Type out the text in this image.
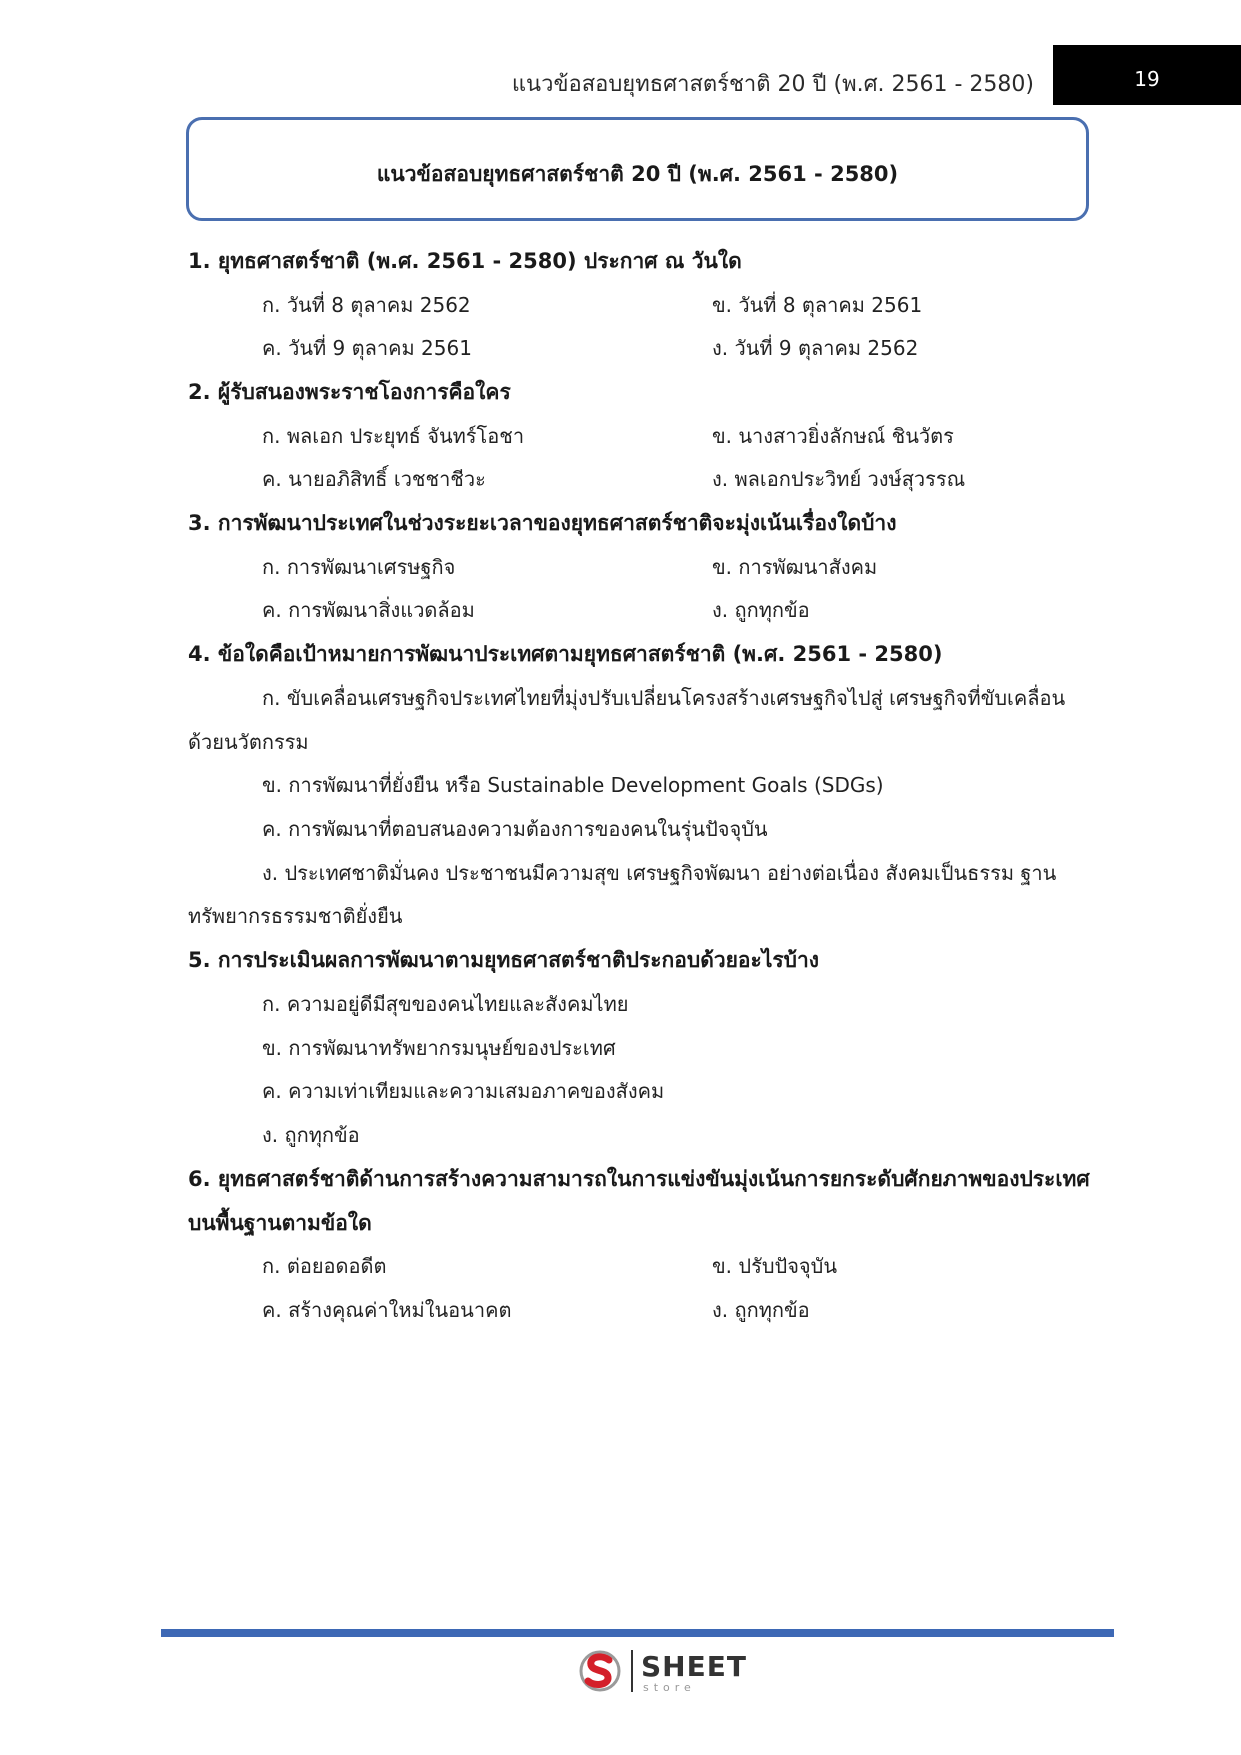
แนวข้อสอบยุทธศาสตร์ชาติ 20 ปี (พ.ศ. 2561 - 2580)	19
แนวข้อสอบยุทธศาสตร์ชาติ 20 ปี (พ.ศ. 2561 - 2580)
1. ยุทธศาสตร์ชาติ (พ.ศ. 2561 - 2580) ประกาศ ณ วันใด
ก. วันที่ 8 ตุลาคม 2562	ข. วันที่ 8 ตุลาคม 2561
ค. วันที่ 9 ตุลาคม 2561	ง. วันที่ 9 ตุลาคม 2562
2. ผู้รับสนองพระราชโองการคือใคร
ก. พลเอก ประยุทธ์ จันทร์โอชา	ข. นางสาวยิ่งลักษณ์ ชินวัตร
ค. นายอภิสิทธิ์ เวชชาชีวะ	ง. พลเอกประวิทย์ วงษ์สุวรรณ
3. การพัฒนาประเทศในช่วงระยะเวลาของยุทธศาสตร์ชาติจะมุ่งเน้นเรื่องใดบ้าง
ก. การพัฒนาเศรษฐกิจ	ข. การพัฒนาสังคม
ค. การพัฒนาสิ่งแวดล้อม	ง. ถูกทุกข้อ
4. ข้อใดคือเป้าหมายการพัฒนาประเทศตามยุทธศาสตร์ชาติ (พ.ศ. 2561 - 2580)
ก. ขับเคลื่อนเศรษฐกิจประเทศไทยที่มุ่งปรับเปลี่ยนโครงสร้างเศรษฐกิจไปสู่ เศรษฐกิจที่ขับเคลื่อน
ด้วยนวัตกรรม
ข. การพัฒนาที่ยั่งยืน หรือ Sustainable Development Goals (SDGs)
ค. การพัฒนาที่ตอบสนองความต้องการของคนในรุ่นปัจจุบัน
ง. ประเทศชาติมั่นคง ประชาชนมีความสุข เศรษฐกิจพัฒนา อย่างต่อเนื่อง สังคมเป็นธรรม ฐาน
ทรัพยากรธรรมชาติยั่งยืน
5. การประเมินผลการพัฒนาตามยุทธศาสตร์ชาติประกอบด้วยอะไรบ้าง
ก. ความอยู่ดีมีสุขของคนไทยและสังคมไทย
ข. การพัฒนาทรัพยากรมนุษย์ของประเทศ
ค. ความเท่าเทียมและความเสมอภาคของสังคม
ง. ถูกทุกข้อ
6. ยุทธศาสตร์ชาติด้านการสร้างความสามารถในการแข่งขันมุ่งเน้นการยกระดับศักยภาพของประเทศ
บนพื้นฐานตามข้อใด
ก. ต่อยอดอดีต	ข. ปรับปัจจุบัน
ค. สร้างคุณค่าใหม่ในอนาคต	ง. ถูกทุกข้อ
SHEET
store
